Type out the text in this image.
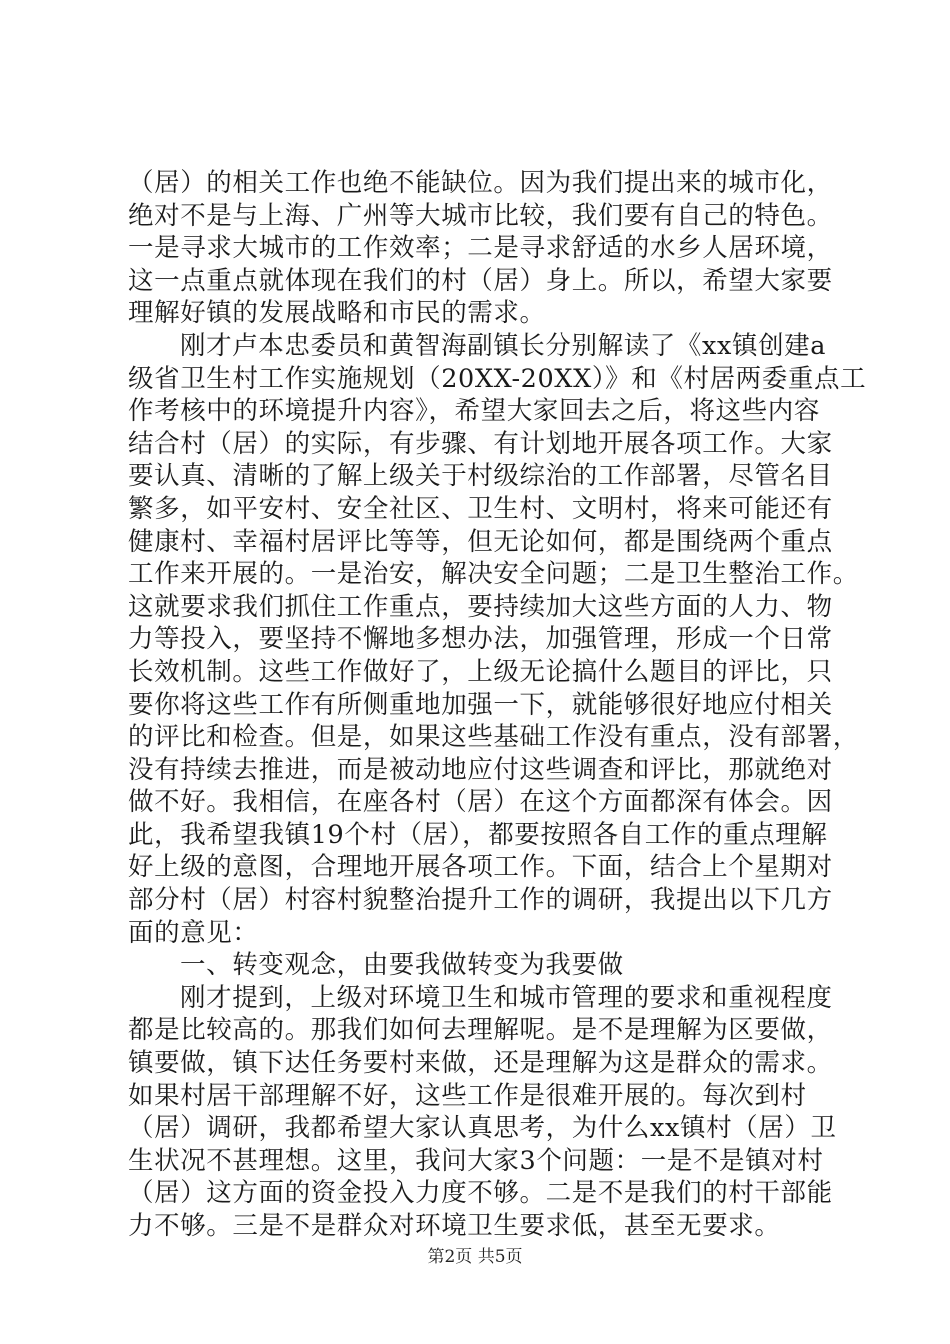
（居）的相关工作也绝不能缺位。因为我们提出来的城市化，
绝对不是与上海、广州等大城市比较，我们要有自己的特色。
一是寻求大城市的工作效率；二是寻求舒适的水乡人居环境，
这一点重点就体现在我们的村（居）身上。所以，希望大家要
理解好镇的发展战略和市民的需求。
刚才卢本忠委员和黄智海副镇长分别解读了《xx镇创建a
级省卫生村工作实施规划（20XX-20XX）》和《村居两委重点工
作考核中的环境提升内容》，希望大家回去之后，将这些内容
结合村（居）的实际，有步骤、有计划地开展各项工作。大家
要认真、清晰的了解上级关于村级综治的工作部署，尽管名目
繁多，如平安村、安全社区、卫生村、文明村，将来可能还有
健康村、幸福村居评比等等，但无论如何，都是围绕两个重点
工作来开展的。一是治安，解决安全问题；二是卫生整治工作。
这就要求我们抓住工作重点，要持续加大这些方面的人力、物
力等投入，要坚持不懈地多想办法，加强管理，形成一个日常
长效机制。这些工作做好了，上级无论搞什么题目的评比，只
要你将这些工作有所侧重地加强一下，就能够很好地应付相关
的评比和检查。但是，如果这些基础工作没有重点，没有部署，
没有持续去推进，而是被动地应付这些调查和评比，那就绝对
做不好。我相信，在座各村（居）在这个方面都深有体会。因
此，我希望我镇19个村（居），都要按照各自工作的重点理解
好上级的意图，合理地开展各项工作。下面，结合上个星期对
部分村（居）村容村貌整治提升工作的调研，我提出以下几方
面的意见：
一、转变观念，由要我做转变为我要做
刚才提到，上级对环境卫生和城市管理的要求和重视程度
都是比较高的。那我们如何去理解呢。是不是理解为区要做，
镇要做，镇下达任务要村来做，还是理解为这是群众的需求。
如果村居干部理解不好，这些工作是很难开展的。每次到村
（居）调研，我都希望大家认真思考，为什么xx镇村（居）卫
生状况不甚理想。这里，我问大家3个问题：一是不是镇对村
（居）这方面的资金投入力度不够。二是不是我们的村干部能
力不够。三是不是群众对环境卫生要求低，甚至无要求。
第2页 共5页
